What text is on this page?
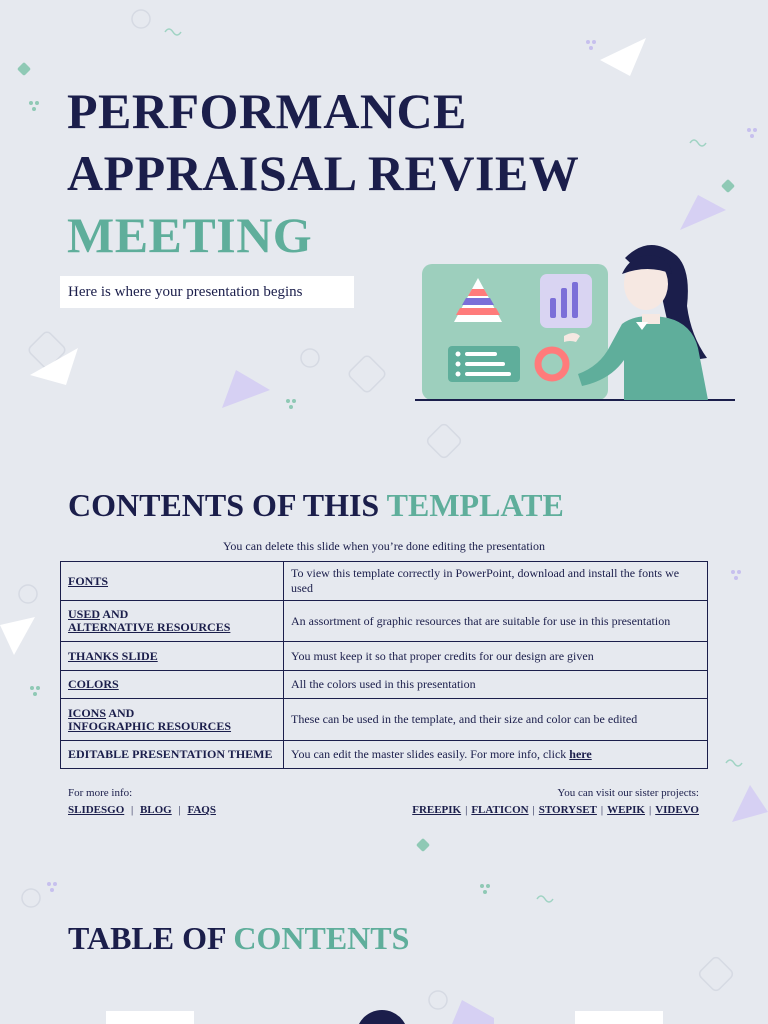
PERFORMANCE
APPRAISAL REVIEW
MEETING
Here is where your presentation begins
CONTENTS OF THIS TEMPLATE
You can delete this slide when you’re done editing the presentation
FONTS	To view this template correctly in PowerPoint, download and install the fonts we used
USED AND
ALTERNATIVE RESOURCES	An assortment of graphic resources that are suitable for use in this presentation
THANKS SLIDE	You must keep it so that proper credits for our design are given
COLORS	All the colors used in this presentation
ICONS AND
INFOGRAPHIC RESOURCES	These can be used in the template, and their size and color can be edited
EDITABLE PRESENTATION THEME	You can edit the master slides easily. For more info, click here
For more info:
SLIDESGO  |  BLOG  |  FAQS
You can visit our sister projects:
FREEPIK | FLATICON | STORYSET | WEPIK | VIDEVO
TABLE OF CONTENTS
